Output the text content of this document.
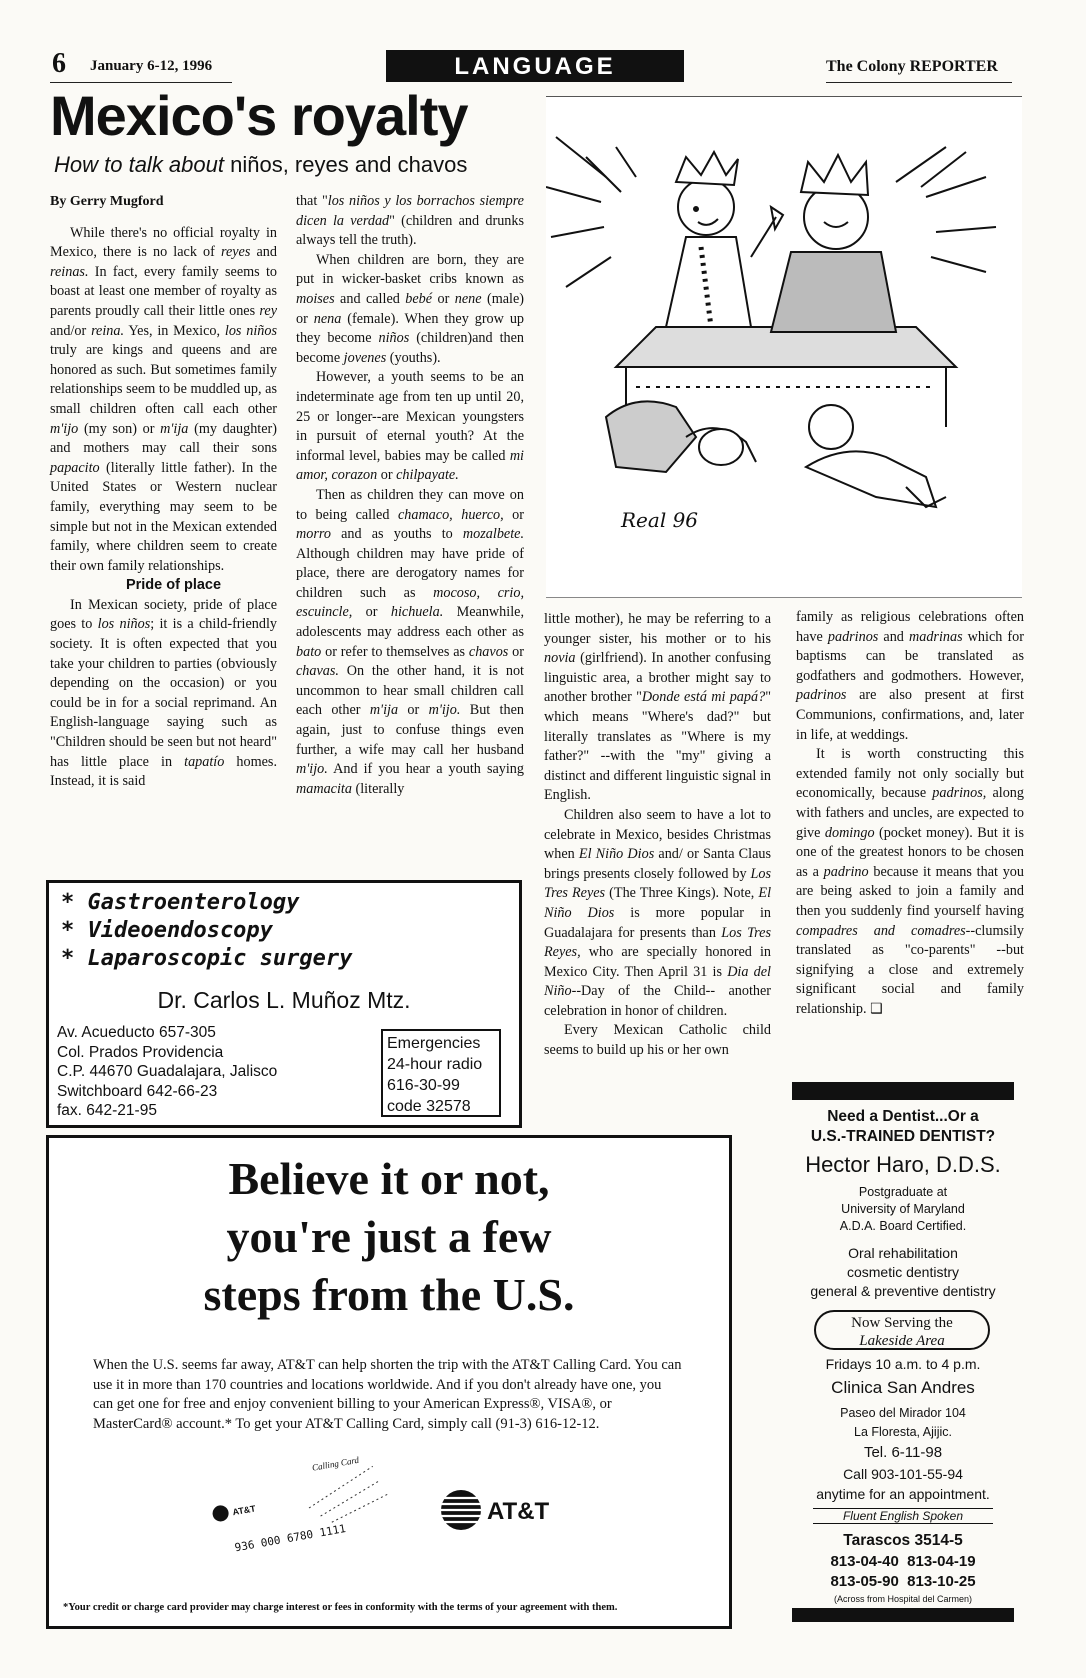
6 January 6-12, 1996	LANGUAGE	The Colony REPORTER
Mexico's royalty
How to talk about niños, reyes and chavos

By Gerry Mugford

While there's no official royalty in Mexico, there is no lack of reyes and reinas. In fact, every family seems to boast at least one member of royalty as parents proudly call their little ones rey and/or reina. Yes, in Mexico, los niños truly are kings and queens and are honored as such. But sometimes family relationships seem to be muddled up, as small children often call each other m'ijo (my son) or m'ija (my daughter) and mothers may call their sons papacito (literally little father). In the United States or Western nuclear family, everything may seem to be simple but not in the Mexican extended family, where children seem to create their own family relationships.

Pride of place

In Mexican society, pride of place goes to los niños; it is a child-friendly society. It is often expected that you take your children to parties (obviously depending on the occasion) or you could be in for a social reprimand. An English-language saying such as "Children should be seen but not heard" has little place in tapatío homes. Instead, it is said

that "los niños y los borrachos siempre dicen la verdad" (children and drunks always tell the truth).

When children are born, they are put in wicker-basket cribs known as moises and called bebé or nene (male) or nena (female). When they grow up they become niños (children)and then become jovenes (youths).

However, a youth seems to be an indeterminate age from ten up until 20, 25 or longer--are Mexican youngsters in pursuit of eternal youth? At the informal level, babies may be called mi amor, corazon or chilpayate.

Then as children they can move on to being called chamaco, huerco, or morro and as youths to mozalbete. Although children may have pride of place, there are derogatory names for children such as mocoso, crio, escuincle, or hichuela. Meanwhile, adolescents may address each other as bato or refer to themselves as chavos or chavas. On the other hand, it is not uncommon to hear small children call each other m'ija or m'ijo. But then again, just to confuse things even further, a wife may call her husband m'ijo. And if you hear a youth saying mamacita (literally

Real 96

little mother), he may be referring to a younger sister, his mother or to his novia (girlfriend). In another confusing linguistic area, a brother might say to another brother "Donde está mi papá?" which means "Where's dad?" but literally translates as "Where is my father?" --with the "my" giving a distinct and different linguistic signal in English.

Children also seem to have a lot to celebrate in Mexico, besides Christmas when El Niño Dios and/ or Santa Claus brings presents closely followed by Los Tres Reyes (The Three Kings). Note, El Niño Dios is more popular in Guadalajara for presents than Los Tres Reyes, who are specially honored in Mexico City. Then April 31 is Dia del Niño--Day of the Child-- another celebration in honor of children.

Every Mexican Catholic child seems to build up his or her own

family as religious celebrations often have padrinos and madrinas which for baptisms can be translated as godfathers and godmothers. However, padrinos are also present at first Communions, confirmations, and, later in life, at weddings.

It is worth constructing this extended family not only socially but economically, because padrinos, along with fathers and uncles, are expected to give domingo (pocket money). But it is one of the greatest honors to be chosen as a padrino because it means that you are being asked to join a family and then you suddenly find yourself having compadres and comadres--clumsily translated as "co-parents" --but signifying a close and extremely significant social and family relationship. ❑

* Gastroenterology
* Videoendoscopy
* Laparoscopic surgery
Dr. Carlos L. Muñoz Mtz.
Av. Acueducto 657-305
Col. Prados Providencia
C.P. 44670 Guadalajara, Jalisco
Switchboard 642-66-23
fax. 642-21-95
Emergencies
24-hour radio
616-30-99
code 32578
Believe it or not,
you're just a few
steps from the U.S.
When the U.S. seems far away, AT&T can help shorten the trip with the AT&T Calling Card. You can use it in more than 170 countries and locations worldwide. And if you don't already have one, you can get one for free and enjoy convenient billing to your American Express®, VISA®, or MasterCard® account.* To get your AT&T Calling Card, simply call (91-3) 616-12-12.
AT&T
Calling Card
936 000 6780 1111
AT&T
*Your credit or charge card provider may charge interest or fees in conformity with the terms of your agreement with them.
Need a Dentist...Or a
U.S.-TRAINED DENTIST?
Hector Haro, D.D.S.
Postgraduate at
University of Maryland
A.D.A. Board Certified.
Oral rehabilitation
cosmetic dentistry
general & preventive dentistry
Now Serving the
Lakeside Area
Fridays 10 a.m. to 4 p.m.
Clinica San Andres
Paseo del Mirador 104
La Floresta, Ajijic.
Tel. 6-11-98
Call 903-101-55-94
anytime for an appointment.
Fluent English Spoken
Tarascos 3514-5
813-04-40  813-04-19
813-05-90  813-10-25
(Across from Hospital del Carmen)
